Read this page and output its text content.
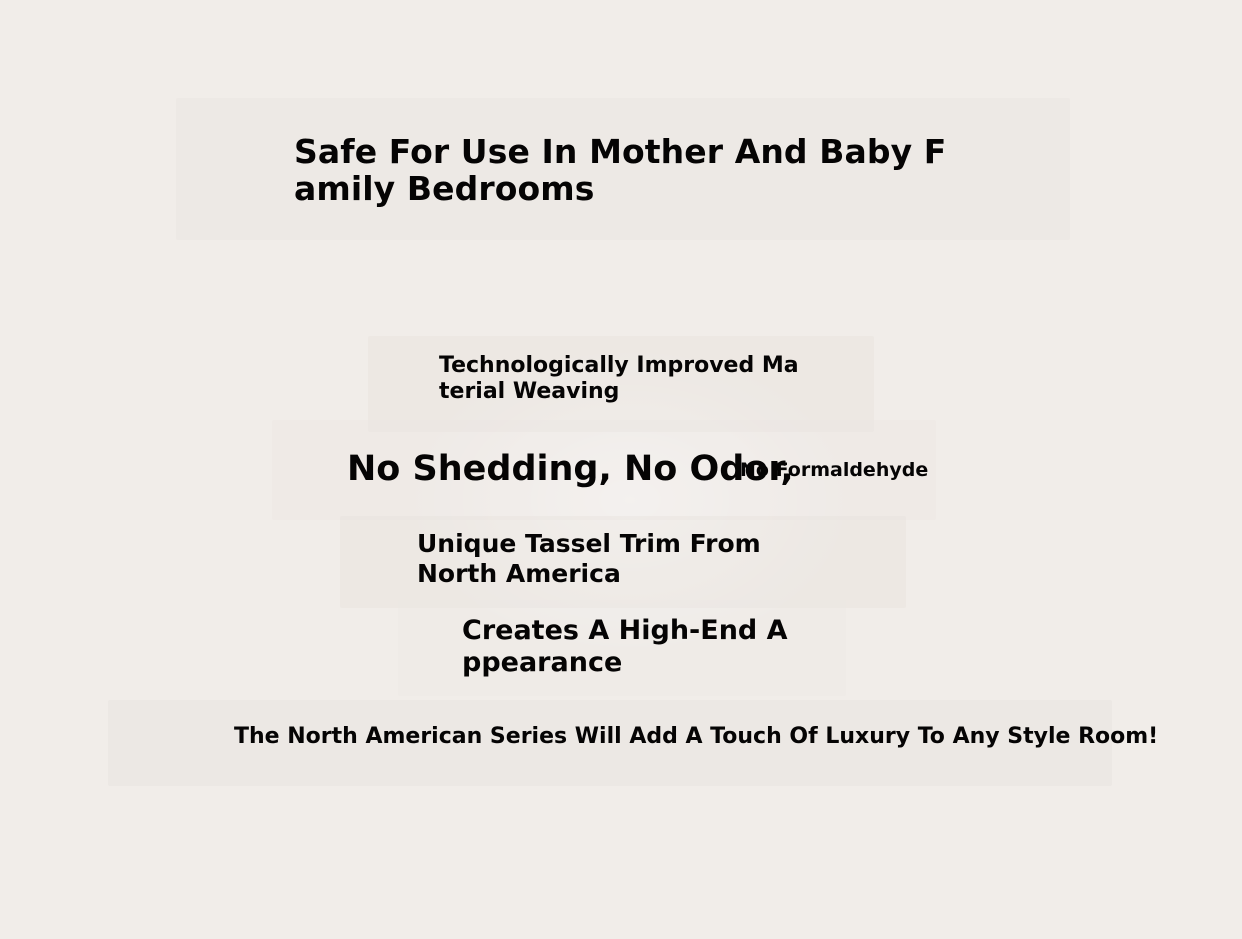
Safe For Use In Mother And Baby Family Bedrooms

Technologically Improved Material Weaving

No Shedding, No Odor,

No Formaldehyde

Unique Tassel Trim From North America

Creates A High-End Appearance

The North American Series Will Add A Touch Of Luxury To Any Style Room!
